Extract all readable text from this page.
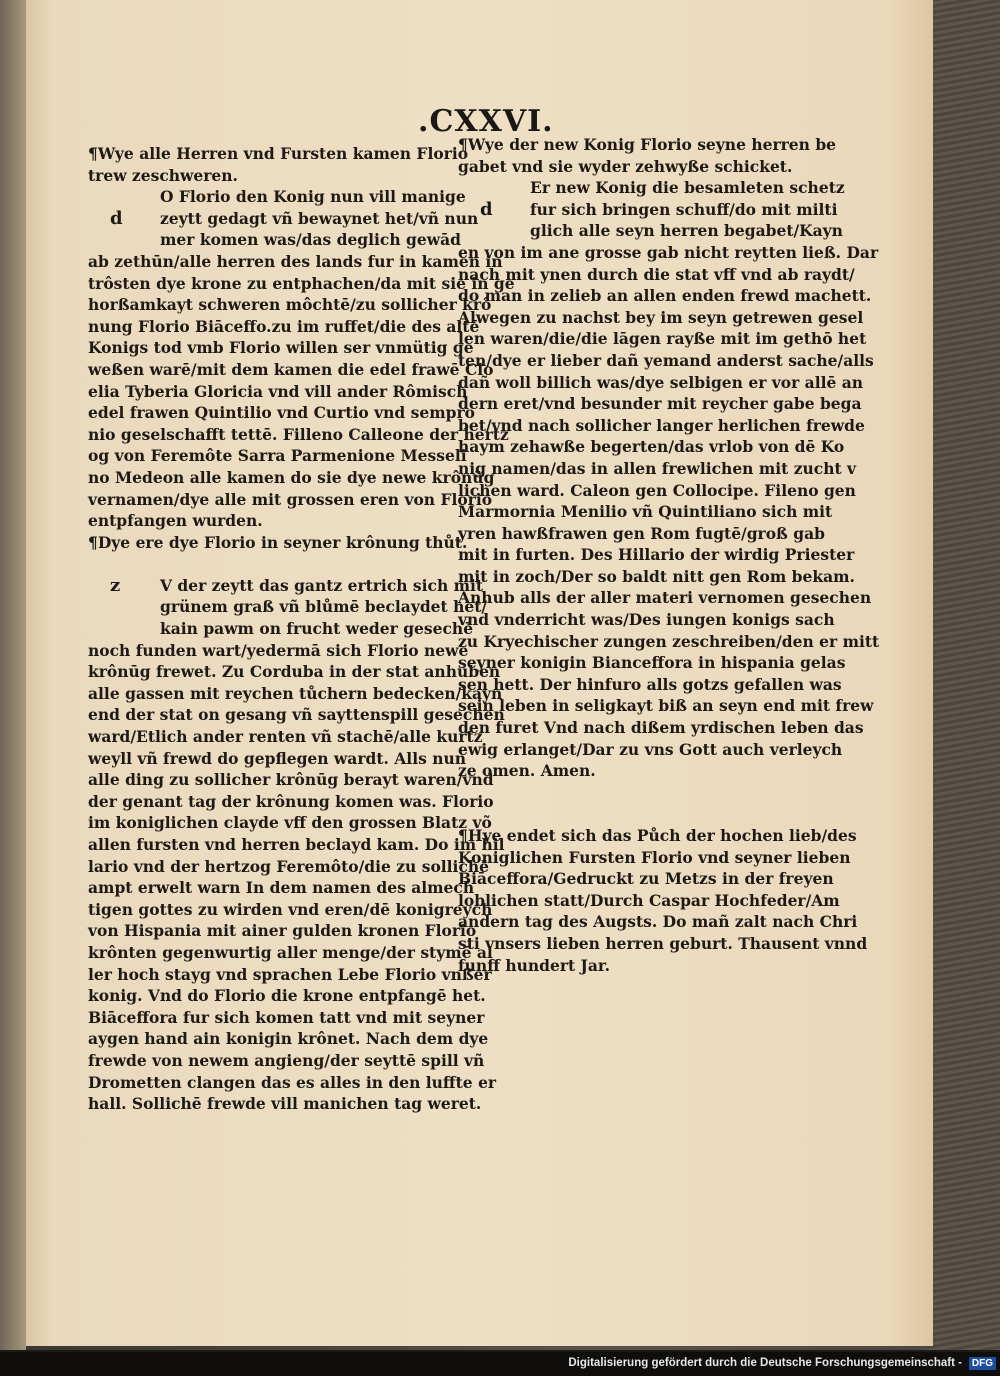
.CXXVI.
¶Wye alle Herren vnd Fursten kamen Florio
trew zeschweren.
O Florio den Konig nun vill manige
zeytt gedagt vñ bewaynet het/vñ nun
mer komen was/das deglich gewād
d
ab zethūn/alle herren des lands fur in kamen in
trôsten dye krone zu entphachen/da mit sie in ge
horßamkayt schweren môchtē/zu sollicher krô
nung Florio Biāceffo.zu im ruffet/die des altē
Konigs tod vmb Florio willen ser vnmütig ge
weßen warē/mit dem kamen die edel frawē Clo
elia Tyberia Gloricia vnd vill ander Rômisch
edel frawen Quintilio vnd Curtio vnd sempro
nio geselschafft tettē. Filleno Calleone der hertz
og von Feremôte Sarra Parmenione Messeli
no Medeon alle kamen do sie dye newe krônūg
vernamen/dye alle mit grossen eren von Florio
entpfangen wurden.
¶Dye ere dye Florio in seyner krônung thůt.
V der zeytt das gantz ertrich sich mit
grünem graß vñ blůmē beclaydet het/
kain pawm on frucht weder gesechē
z
noch funden wart/yedermā sich Florio newe
krônūg frewet. Zu Corduba in der stat anhuben
alle gassen mit reychen tůchern bedecken/kayn
end der stat on gesang vñ sayttenspill gesechen
ward/Etlich ander renten vñ stachē/alle kurtz
weyll vñ frewd do gepflegen wardt. Alls nun
alle ding zu sollicher krônūg berayt waren/vnd
der genant tag der krônung komen was. Florio
im koniglichen clayde vff den grossen Blatz võ
allen fursten vnd herren beclayd kam. Do im hil
lario vnd der hertzog Feremôto/die zu sollichē
ampt erwelt warn In dem namen des almech
tigen gottes zu wirden vnd eren/dē konigreych
von Hispania mit ainer gulden kronen Florio
krônten gegenwurtig aller menge/der stymē al
ler hoch stayg vnd sprachen Lebe Florio vnßer
konig. Vnd do Florio die krone entpfangē het.
Biāceffora fur sich komen tatt vnd mit seyner
aygen hand ain konigin krônet. Nach dem dye
frewde von newem angieng/der seyttē spill vñ
Drometten clangen das es alles in den luffte er
hall. Sollichē frewde vill manichen tag weret.
¶Wye der new Konig Florio seyne herren be
gabet vnd sie wyder zehwyße schicket.
Er new Konig die besamleten schetz
fur sich bringen schuff/do mit milti
glich alle seyn herren begabet/Kayn
d
en von im ane grosse gab nicht reytten ließ. Dar
nach mit ynen durch die stat vff vnd ab raydt/
do man in zelieb an allen enden frewd machett.
Alwegen zu nachst bey im seyn getrewen gesel
len waren/die/die lāgen rayße mit im gethō het
ten/dye er lieber dañ yemand anderst sache/alls
dañ woll billich was/dye selbigen er vor allē an
dern eret/vnd besunder mit reycher gabe bega
bet/vnd nach sollicher langer herlichen frewde
haym zehawße begerten/das vrlob von dē Ko
nig namen/das in allen frewlichen mit zucht v
lichen ward. Caleon gen Collocipe. Fileno gen
Marmornia Menilio vñ Quintiliano sich mit
yren hawßfrawen gen Rom fugtē/groß gab
mit in furten. Des Hillario der wirdig Priester
mit in zoch/Der so baldt nitt gen Rom bekam.
Anhub alls der aller materi vernomen gesechen
vnd vnderricht was/Des iungen konigs sach
zu Kryechischer zungen zeschreiben/den er mitt
seyner konigin Bianceffora in hispania gelas
sen hett. Der hinfuro alls gotzs gefallen was
sein leben in seligkayt biß an seyn end mit frew
den furet Vnd nach dißem yrdischen leben das
ewig erlanget/Dar zu vns Gott auch verleych
ze omen. Amen.
¶Hye endet sich das Půch der hochen lieb/des
Koniglichen Fursten Florio vnd seyner lieben
Biāceffora/Gedruckt zu Metzs in der freyen
loblichen statt/Durch Caspar Hochfeder/Am
andern tag des Augsts. Do mañ zalt nach Chri
sti vnsers lieben herren geburt. Thausent vnnd
funff hundert Jar.
Digitalisierung gefördert durch die Deutsche Forschungsgemeinschaft - DFG
